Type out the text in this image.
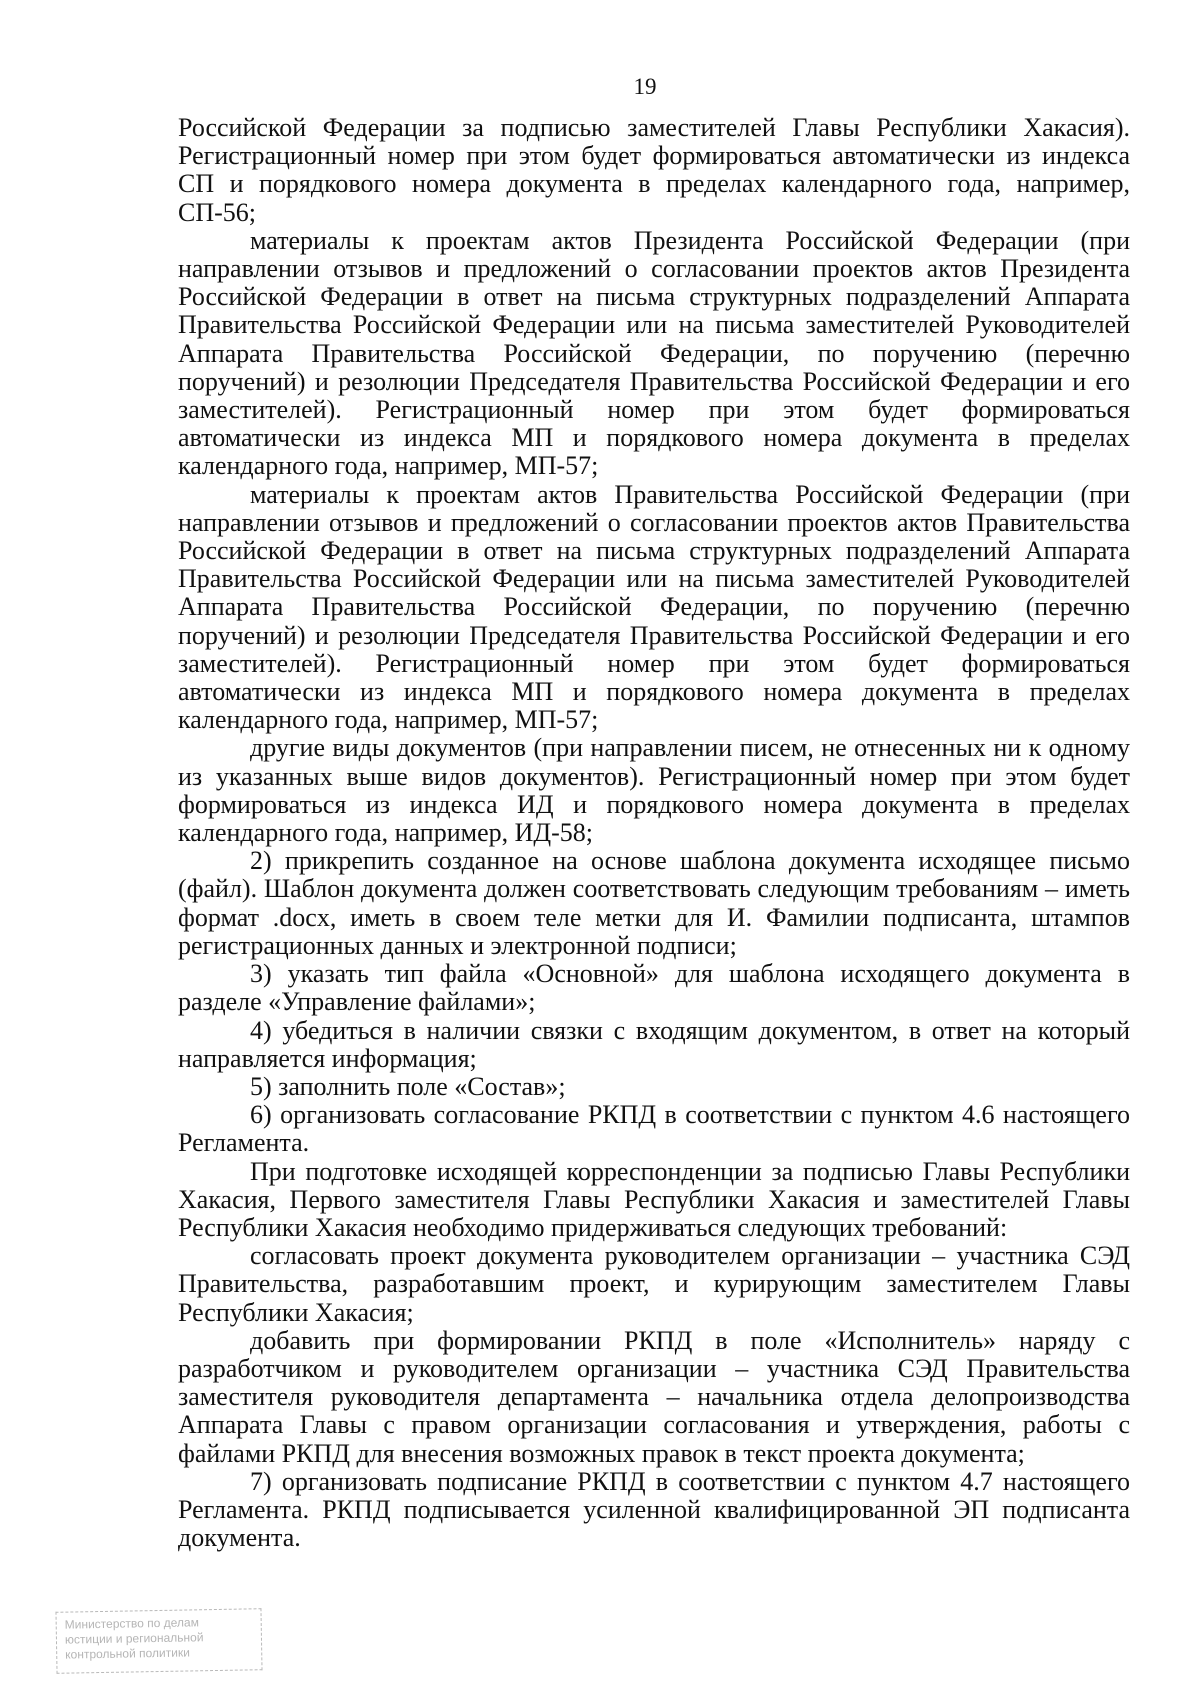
19

Российской Федерации за подписью заместителей Главы Республики Хакасия). Регистрационный номер при этом будет формироваться автоматически из индекса СП и порядкового номера документа в пределах календарного года, например, СП-56;

материалы к проектам актов Президента Российской Федерации (при направлении отзывов и предложений о согласовании проектов актов Президента Российской Федерации в ответ на письма структурных подразделений Аппарата Правительства Российской Федерации или на письма заместителей Руководителей Аппарата Правительства Российской Федерации, по поручению (перечню поручений) и резолюции Председателя Правительства Российской Федерации и его заместителей). Регистрационный номер при этом будет формироваться автоматически из индекса МП и порядкового номера документа в пределах календарного года, например, МП-57;

материалы к проектам актов Правительства Российской Федерации (при направлении отзывов и предложений о согласовании проектов актов Правительства Российской Федерации в ответ на письма структурных подразделений Аппарата Правительства Российской Федерации или на письма заместителей Руководителей Аппарата Правительства Российской Федерации, по поручению (перечню поручений) и резолюции Председателя Правительства Российской Федерации и его заместителей). Регистрационный номер при этом будет формироваться автоматически из индекса МП и порядкового номера документа в пределах календарного года, например, МП-57;

другие виды документов (при направлении писем, не отнесенных ни к одному из указанных выше видов документов). Регистрационный номер при этом будет формироваться из индекса ИД и порядкового номера документа в пределах календарного года, например, ИД-58;

2) прикрепить созданное на основе шаблона документа исходящее письмо (файл). Шаблон документа должен соответствовать следующим требованиям – иметь формат .docx, иметь в своем теле метки для И. Фамилии подписанта, штампов регистрационных данных и электронной подписи;

3) указать тип файла «Основной» для шаблона исходящего документа в разделе «Управление файлами»;

4) убедиться в наличии связки с входящим документом, в ответ на который направляется информация;

5) заполнить поле «Состав»;

6) организовать согласование РКПД в соответствии с пунктом 4.6 настоящего Регламента.

При подготовке исходящей корреспонденции за подписью Главы Республики Хакасия, Первого заместителя Главы Республики Хакасия и заместителей Главы Республики Хакасия необходимо придерживаться следующих требований:

согласовать проект документа руководителем организации – участника СЭД Правительства, разработавшим проект, и курирующим заместителем Главы Республики Хакасия;

добавить при формировании РКПД в поле «Исполнитель» наряду с разработчиком и руководителем организации – участника СЭД Правительства заместителя руководителя департамента – начальника отдела делопроизводства Аппарата Главы с правом организации согласования и утверждения, работы с файлами РКПД для внесения возможных правок в текст проекта документа;

7) организовать подписание РКПД в соответствии с пунктом 4.7 настоящего Регламента. РКПД подписывается усиленной квалифицированной ЭП подписанта документа.

Министерство по делам
юстиции и региональной
контрольной политики
